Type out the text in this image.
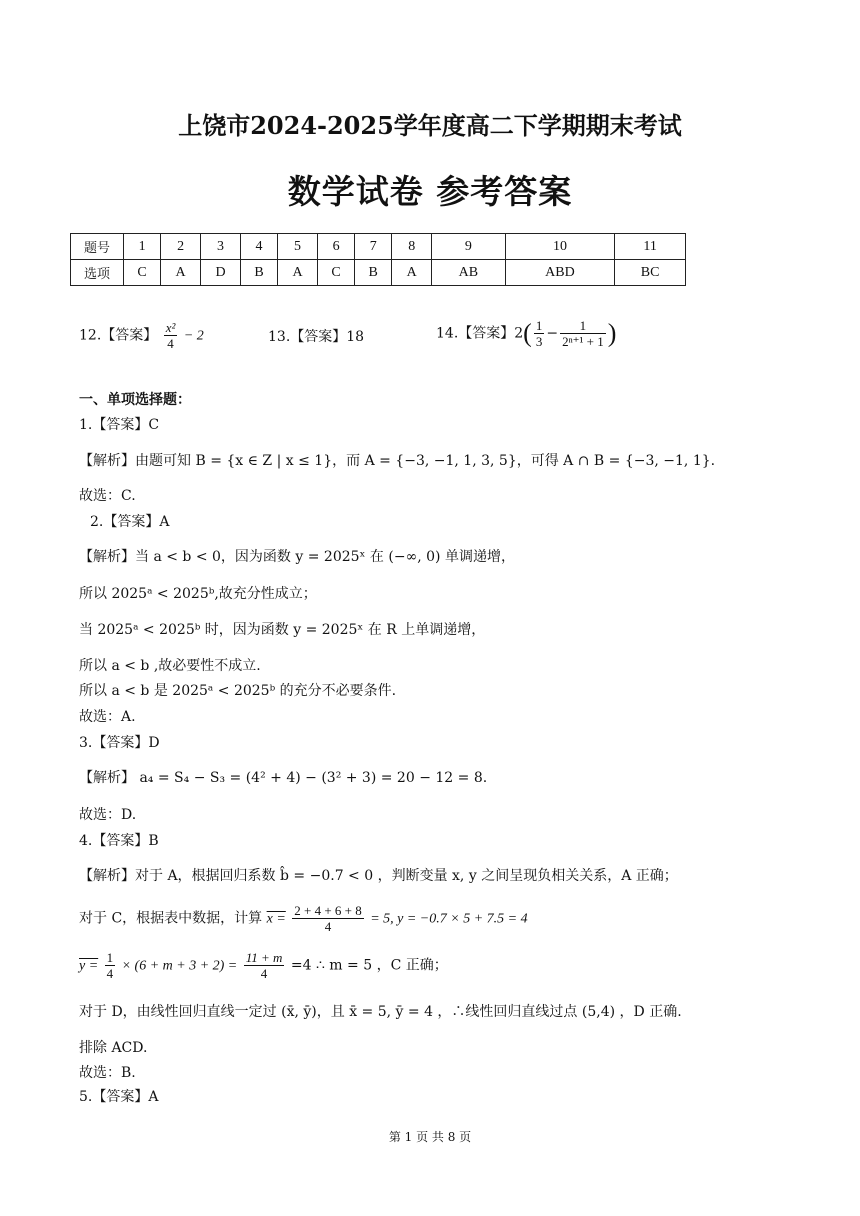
上饶市2024-2025学年度高二下学期期末考试
数学试卷 参考答案
题号	1	2	3	4	5	6	7	8	9	10	11
选项	C	A	D	B	A	C	B	A	AB	ABD	BC
12.【答案】 $\frac{\text{x²}}{4} - 2$	13.【答案】18	14.【答案】$2( \frac{1}{3} - \frac{1}{\text{2ⁿ⁺¹ + 1}}$ )
一、单项选择题：
1.【答案】C
【解析】由题可知 B = {x ∈ Z | x ≤ 1}，而 A = {−3, −1, 1, 3, 5}，可得 A ∩ B = {−3, −1, 1}.
故选：C.
2.【答案】A
【解析】当 a < b < 0，因为函数 y = 2025ˣ 在 (−∞, 0) 单调递增，
所以 2025ᵃ < 2025ᵇ,故充分性成立；
当 2025ᵃ < 2025ᵇ 时，因为函数 y = 2025ˣ 在 R 上单调递增，
所以 a < b ,故必要性不成立.
所以 a < b 是 2025ᵃ < 2025ᵇ 的充分不必要条件.
故选：A.
3.【答案】D
【解析】 a₄ = S₄ − S₃ = (4² + 4) − (3² + 3) = 20 − 12 = 8.
故选：D.
4.【答案】B
【解析】对于 A，根据回归系数 b̂ = −0.7 < 0 ，判断变量 x, y 之间呈现负相关关系，A 正确；
对于 C，根据表中数据，计算 $x = \frac{2 + 4 + 6 + 8}{4} = 5$, y = −0.7 × 5 + 7.5 = 4
$y = \frac{1}{4} \times (6 + m + 3 + 2) = \frac{11 + m}{4} =4$ ∴ m = 5 ，C 正确；
对于 D，由线性回归直线一定过 (x̄, ȳ)，且 x̄ = 5, ȳ = 4 ，∴线性回归直线过点 (5,4) ，D 正确.
排除 ACD.
故选：B.
5.【答案】A
第 1 页 共 8 页
